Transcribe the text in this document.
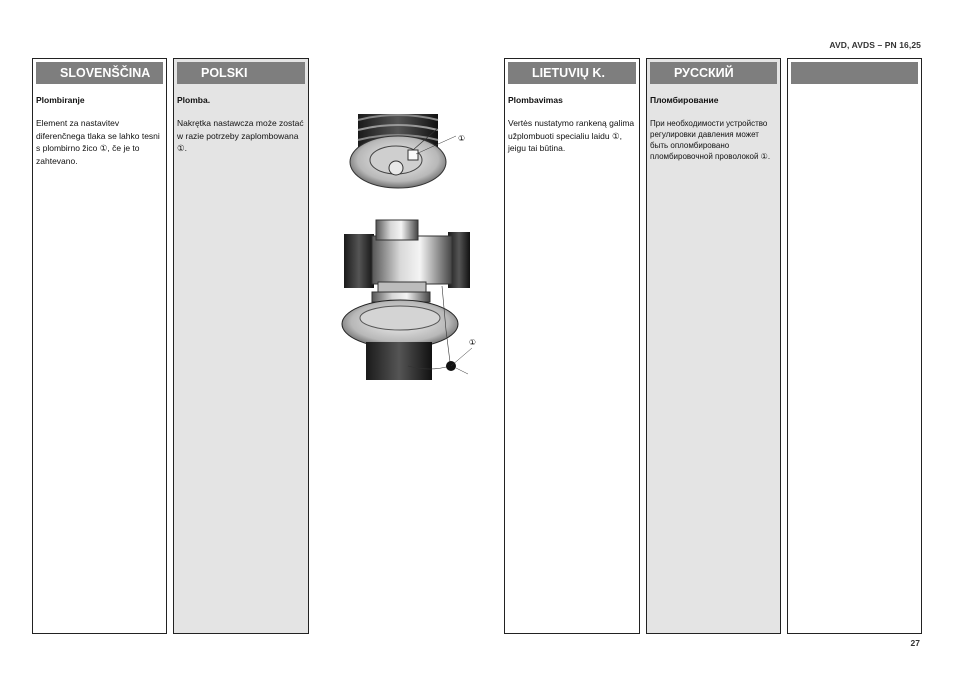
AVD, AVDS – PN 16,25
SLOVENŠČINA
Plombiranje
Element za nastavitev diferenčnega tlaka se lahko tesni s plombirno žico ①, če je to zahtevano.
POLSKI
Plomba.
Nakrętka nastawcza może zostać w razie potrzeby zaplombowana ①.
①
①
LIETUVIŲ K.
Plombavimas
Vertės nustatymo rankeną galima užplombuoti specialiu laidu ①, jeigu tai būtina.
РУССКИЙ
Пломбирование
При необходимости устройство регулировки давления может быть опломбировано пломбировочной проволокой ①.
27
